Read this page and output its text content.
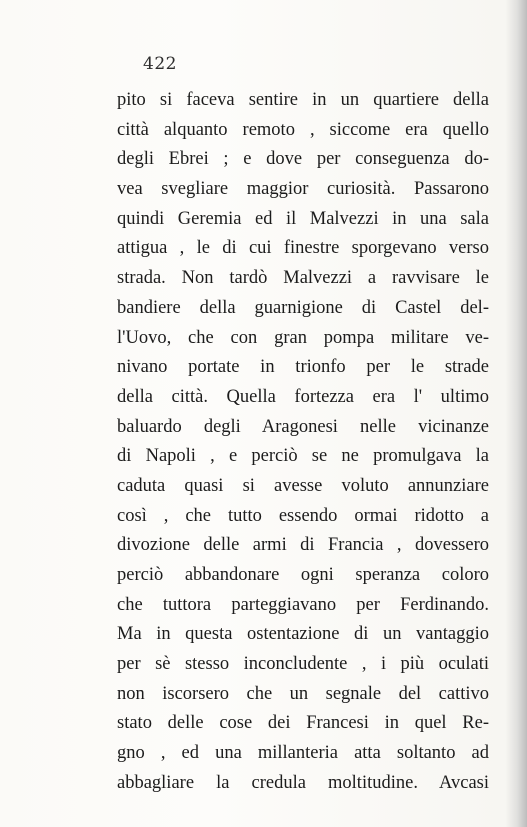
422
pito si faceva sentire in un quartiere della
città alquanto remoto , siccome era quello
degli Ebrei ; e dove per conseguenza do-
vea svegliare maggior curiosità. Passarono
quindi Geremia ed il Malvezzi in una sala
attigua , le di cui finestre sporgevano verso
strada. Non tardò Malvezzi a ravvisare le
bandiere della guarnigione di Castel del-
l'Uovo, che con gran pompa militare ve-
nivano portate in trionfo per le strade
della città. Quella fortezza era l' ultimo
baluardo degli Aragonesi nelle vicinanze
di Napoli , e perciò se ne promulgava la
caduta quasi si avesse voluto annunziare
così , che tutto essendo ormai ridotto a
divozione delle armi di Francia , dovessero
perciò abbandonare ogni speranza coloro
che tuttora parteggiavano per Ferdinando.
Ma in questa ostentazione di un vantaggio
per sè stesso inconcludente , i più oculati
non iscorsero che un segnale del cattivo
stato delle cose dei Francesi in quel Re-
gno , ed una millanteria atta soltanto ad
abbagliare la credula moltitudine. Avcasi
